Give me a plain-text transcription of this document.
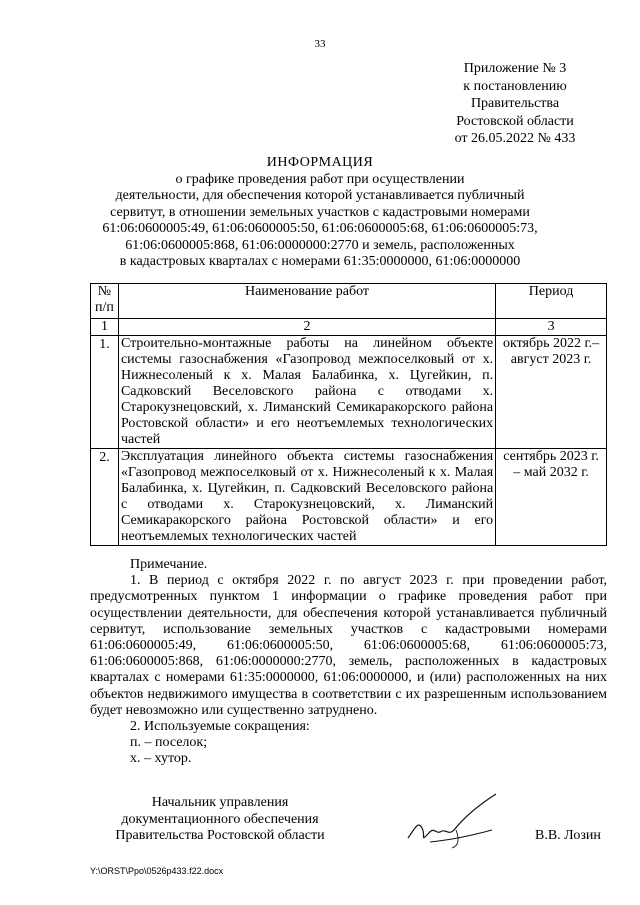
33
Приложение № 3
к постановлению
Правительства
Ростовской области
от 26.05.2022 № 433
ИНФОРМАЦИЯ
о графике проведения работ при осуществлении
деятельности, для обеспечения которой устанавливается публичный
сервитут, в отношении земельных участков с кадастровыми номерами
61:06:0600005:49, 61:06:0600005:50, 61:06:0600005:68, 61:06:0600005:73,
61:06:0600005:868, 61:06:0000000:2770 и земель, расположенных
в кадастровых кварталах с номерами 61:35:0000000, 61:06:0000000
№ п/п	Наименование работ	Период
1	2	3
1.	Строительно-монтажные работы на линейном объекте системы газоснабжения «Газопровод межпоселковый от х. Нижнесоленый к х. Малая Балабинка, х. Цугейкин, п. Садковский Веселовского района с отводами х. Старокузнецовский, х. Лиманский Семикаракорского района Ростовской области» и его неотъемлемых технологических частей	октябрь 2022 г.– август 2023 г.
2.	Эксплуатация линейного объекта системы газоснабжения «Газопровод межпоселковый от х. Нижнесоленый к х. Малая Балабинка, х. Цугейкин, п. Садковский Веселовского района с отводами х. Старокузнецовский, х. Лиманский Семикаракорского района Ростовской области» и его неотъемлемых технологических частей	сентябрь 2023 г. – май 2032 г.

Примечание.

1. В период с октября 2022 г. по август 2023 г. при проведении работ, предусмотренных пунктом 1 информации о графике проведения работ при осуществлении деятельности, для обеспечения которой устанавливается публичный сервитут, использование земельных участков с кадастровыми номерами 61:06:0600005:49, 61:06:0600005:50, 61:06:0600005:68, 61:06:0600005:73, 61:06:0600005:868, 61:06:0000000:2770, земель, расположенных в кадастровых кварталах с номерами 61:35:0000000, 61:06:0000000, и (или) расположенных на них объектов недвижимого имущества в соответствии с их разрешенным использованием будет невозможно или существенно затруднено.

2. Используемые сокращения:

п. – поселок;

х. – хутор.

Начальник управления
документационного обеспечения
Правительства Ростовской области	В.В. Лозин
Y:\ORST\Ppo\0526p433.f22.docx
